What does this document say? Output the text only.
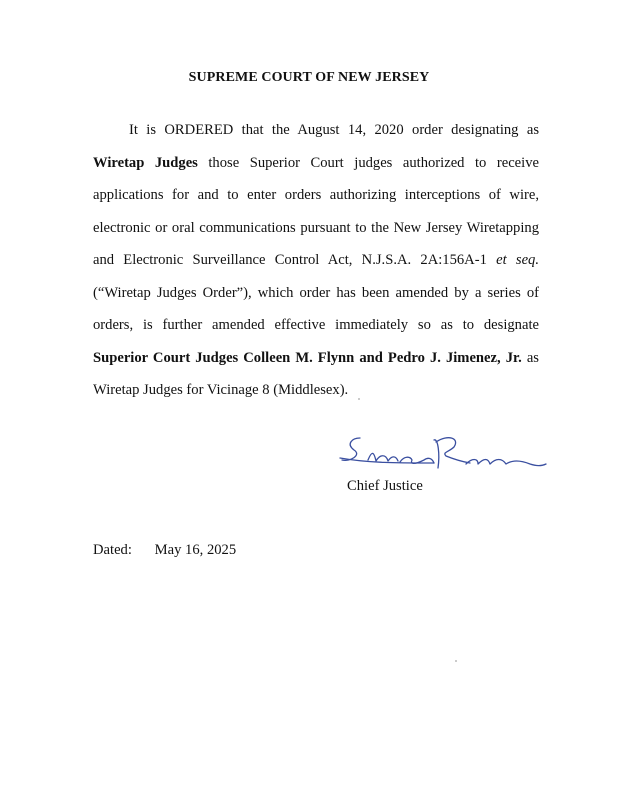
SUPREME COURT OF NEW JERSEY

It is ORDERED that the August 14, 2020 order designating as Wiretap Judges those Superior Court judges authorized to receive applications for and to enter orders authorizing interceptions of wire, electronic or oral communications pursuant to the New Jersey Wiretapping and Electronic Surveillance Control Act, N.J.S.A. 2A:156A-1 et seq. (“Wiretap Judges Order”), which order has been amended by a series of orders, is further amended effective immediately so as to designate Superior Court Judges Colleen M. Flynn and Pedro J. Jimenez, Jr. as Wiretap Judges for Vicinage 8 (Middlesex).

Chief Justice
Dated: May 16, 2025
